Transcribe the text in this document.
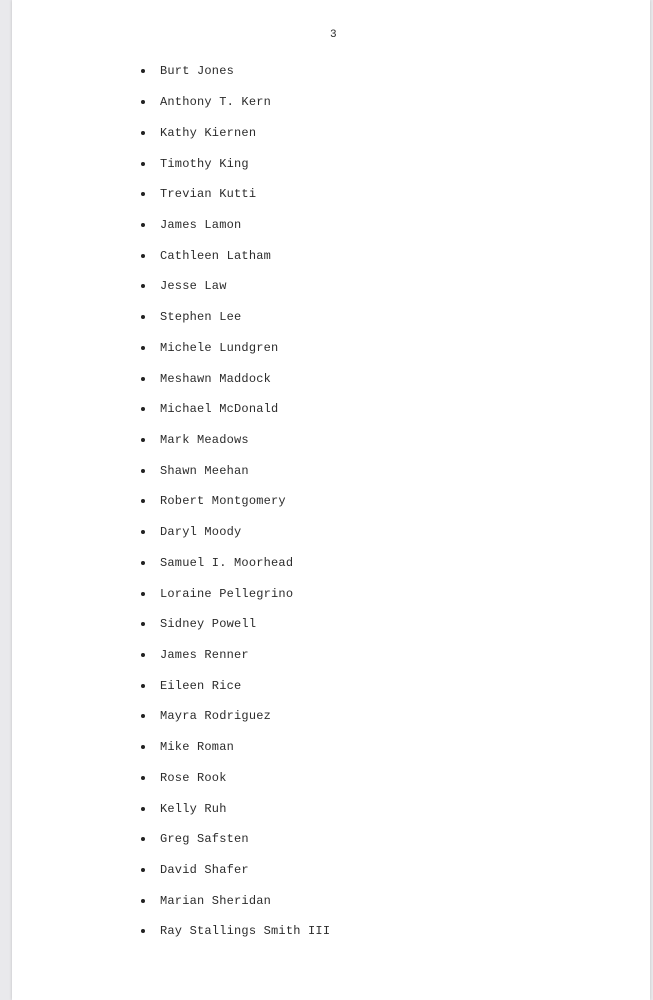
3
Burt Jones
Anthony T. Kern
Kathy Kiernen
Timothy King
Trevian Kutti
James Lamon
Cathleen Latham
Jesse Law
Stephen Lee
Michele Lundgren
Meshawn Maddock
Michael McDonald
Mark Meadows
Shawn Meehan
Robert Montgomery
Daryl Moody
Samuel I. Moorhead
Loraine Pellegrino
Sidney Powell
James Renner
Eileen Rice
Mayra Rodriguez
Mike Roman
Rose Rook
Kelly Ruh
Greg Safsten
David Shafer
Marian Sheridan
Ray Stallings Smith III
